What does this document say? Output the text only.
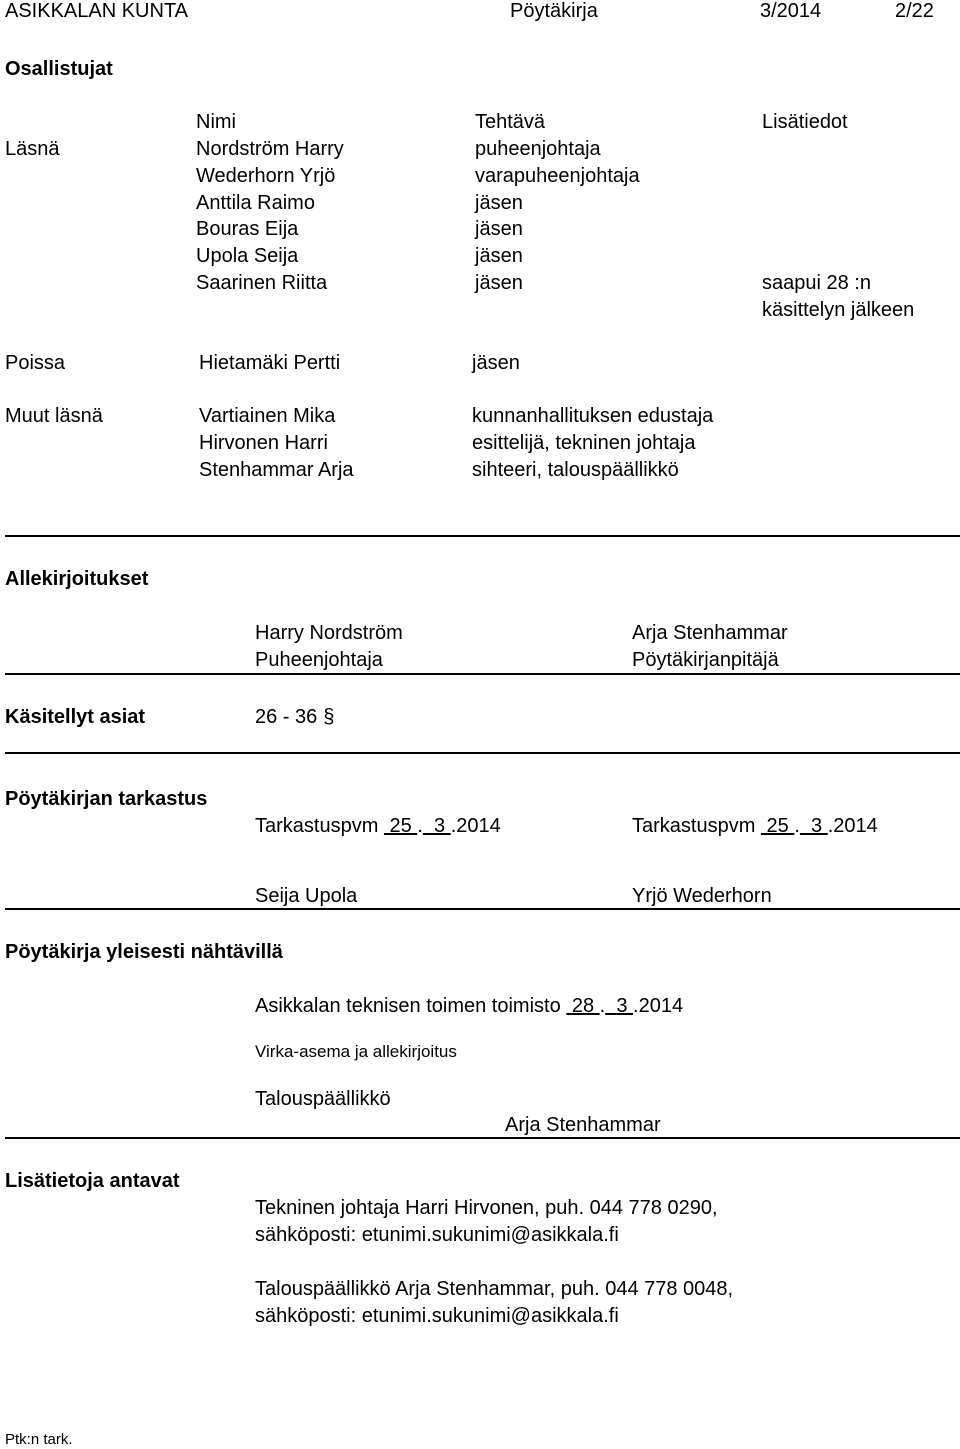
ASIKKALAN KUNTA	Pöytäkirja	3/2014	2/22
Osallistujat
Nimi	Tehtävä	Lisätiedot
Läsnä	Nordström Harry	puheenjohtaja
Wederhorn Yrjö	varapuheenjohtaja
Anttila Raimo	jäsen
Bouras Eija	jäsen
Upola Seija	jäsen
Saarinen Riitta	jäsen	saapui 28 :n
käsittelyn jälkeen
Poissa	Hietamäki Pertti	jäsen
Muut läsnä	Vartiainen Mika	kunnanhallituksen edustaja
Hirvonen Harri	esittelijä, tekninen johtaja
Stenhammar Arja	sihteeri, talouspäällikkö
Allekirjoitukset
Harry Nordström	Arja Stenhammar
Puheenjohtaja	Pöytäkirjanpitäjä
Käsitellyt asiat	26 - 36 §
Pöytäkirjan tarkastus
Tarkastuspvm 25 . 3 .2014	Tarkastuspvm 25 . 3 .2014
Seija Upola	Yrjö Wederhorn
Pöytäkirja yleisesti nähtävillä
Asikkalan teknisen toimen toimisto 28 . 3 .2014
Virka-asema ja allekirjoitus
Talouspäällikkö
Arja Stenhammar
Lisätietoja antavat
Tekninen johtaja Harri Hirvonen, puh. 044 778 0290,
sähköposti: etunimi.sukunimi@asikkala.fi
Talouspäällikkö Arja Stenhammar, puh. 044 778 0048,
sähköposti: etunimi.sukunimi@asikkala.fi
Ptk:n tark.
